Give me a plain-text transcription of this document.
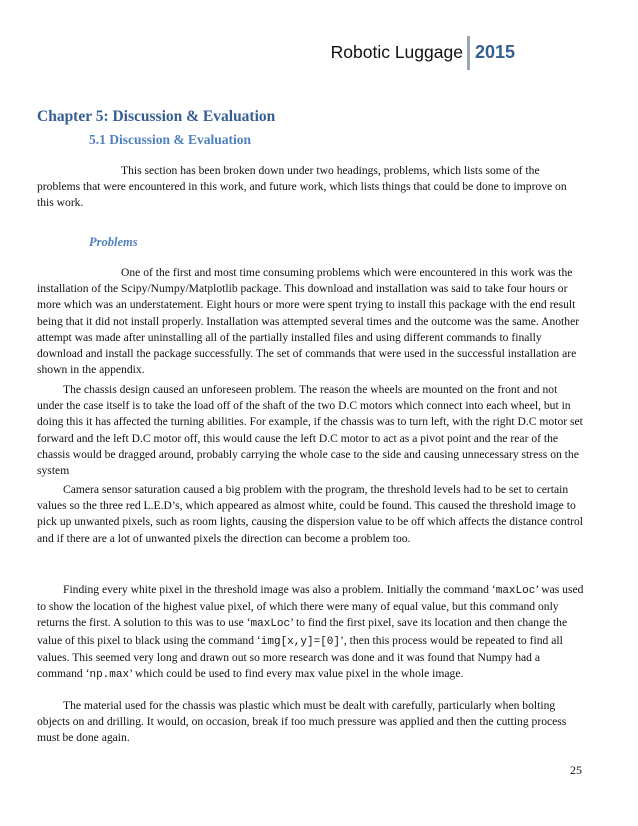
Robotic Luggage 2015
Chapter 5: Discussion & Evaluation
5.1 Discussion & Evaluation

This section has been broken down under two headings, problems, which lists some of the problems that were encountered in this work, and future work, which lists things that could be done to improve on this work.

Problems

One of the first and most time consuming problems which were encountered in this work was the installation of the Scipy/Numpy/Matplotlib package. This download and installation was said to take four hours or more which was an understatement. Eight hours or more were spent trying to install this package with the end result being that it did not install properly. Installation was attempted several times and the outcome was the same. Another attempt was made after uninstalling all of the partially installed files and using different commands to finally download and install the package successfully. The set of commands that were used in the successful installation are shown in the appendix.

The chassis design caused an unforeseen problem. The reason the wheels are mounted on the front and not under the case itself is to take the load off of the shaft of the two D.C motors which connect into each wheel, but in doing this it has affected the turning abilities. For example, if the chassis was to turn left, with the right D.C motor set forward and the left D.C motor off, this would cause the left D.C motor to act as a pivot point and the rear of the chassis would be dragged around, probably carrying the whole case to the side and causing unnecessary stress on the system

Camera sensor saturation caused a big problem with the program, the threshold levels had to be set to certain values so the three red L.E.D’s, which appeared as almost white, could be found. This caused the threshold image to pick up unwanted pixels, such as room lights, causing the dispersion value to be off which affects the distance control and if there are a lot of unwanted pixels the direction can become a problem too.

Finding every white pixel in the threshold image was also a problem. Initially the command ‘maxLoc’ was used to show the location of the highest value pixel, of which there were many of equal value, but this command only returns the first. A solution to this was to use ‘maxLoc’ to find the first pixel, save its location and then change the value of this pixel to black using the command ‘img[x,y]=[0]’, then this process would be repeated to find all values. This seemed very long and drawn out so more research was done and it was found that Numpy had a command ‘np.max’ which could be used to find every max value pixel in the whole image.

The material used for the chassis was plastic which must be dealt with carefully, particularly when bolting objects on and drilling. It would, on occasion, break if too much pressure was applied and then the cutting process must be done again.

25
